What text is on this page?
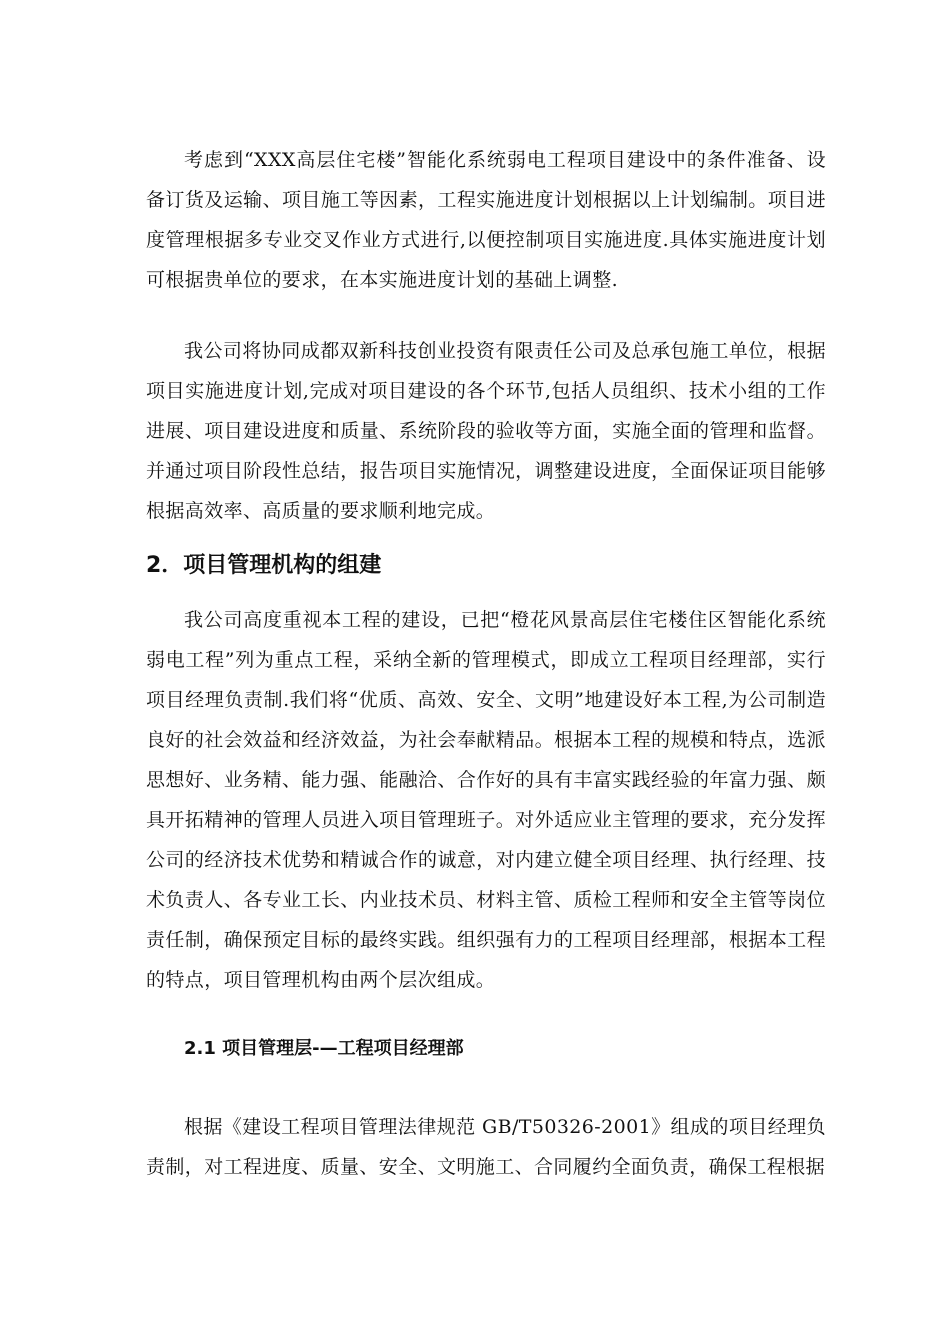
考虑到“XXX高层住宅楼”智能化系统弱电工程项目建设中的条件准备、设备订货及运输、项目施工等因素，工程实施进度计划根据以上计划编制。项目进度管理根据多专业交叉作业方式进行,以便控制项目实施进度.具体实施进度计划可根据贵单位的要求，在本实施进度计划的基础上调整.

我公司将协同成都双新科技创业投资有限责任公司及总承包施工单位，根据项目实施进度计划,完成对项目建设的各个环节,包括人员组织、技术小组的工作进展、项目建设进度和质量、系统阶段的验收等方面，实施全面的管理和监督。并通过项目阶段性总结，报告项目实施情况，调整建设进度，全面保证项目能够根据高效率、高质量的要求顺利地完成。

2．项目管理机构的组建

我公司高度重视本工程的建设，已把“橙花风景高层住宅楼住区智能化系统弱电工程”列为重点工程，采纳全新的管理模式，即成立工程项目经理部，实行项目经理负责制.我们将“优质、高效、安全、文明”地建设好本工程,为公司制造良好的社会效益和经济效益，为社会奉献精品。根据本工程的规模和特点，选派思想好、业务精、能力强、能融洽、合作好的具有丰富实践经验的年富力强、颇具开拓精神的管理人员进入项目管理班子。对外适应业主管理的要求，充分发挥公司的经济技术优势和精诚合作的诚意，对内建立健全项目经理、执行经理、技术负责人、各专业工长、内业技术员、材料主管、质检工程师和安全主管等岗位责任制，确保预定目标的最终实践。组织强有力的工程项目经理部，根据本工程的特点，项目管理机构由两个层次组成。

2.1 项目管理层-—工程项目经理部

根据《建设工程项目管理法律规范 GB/T50326-2001》组成的项目经理负责制，对工程进度、质量、安全、文明施工、合同履约全面负责，确保工程根据
